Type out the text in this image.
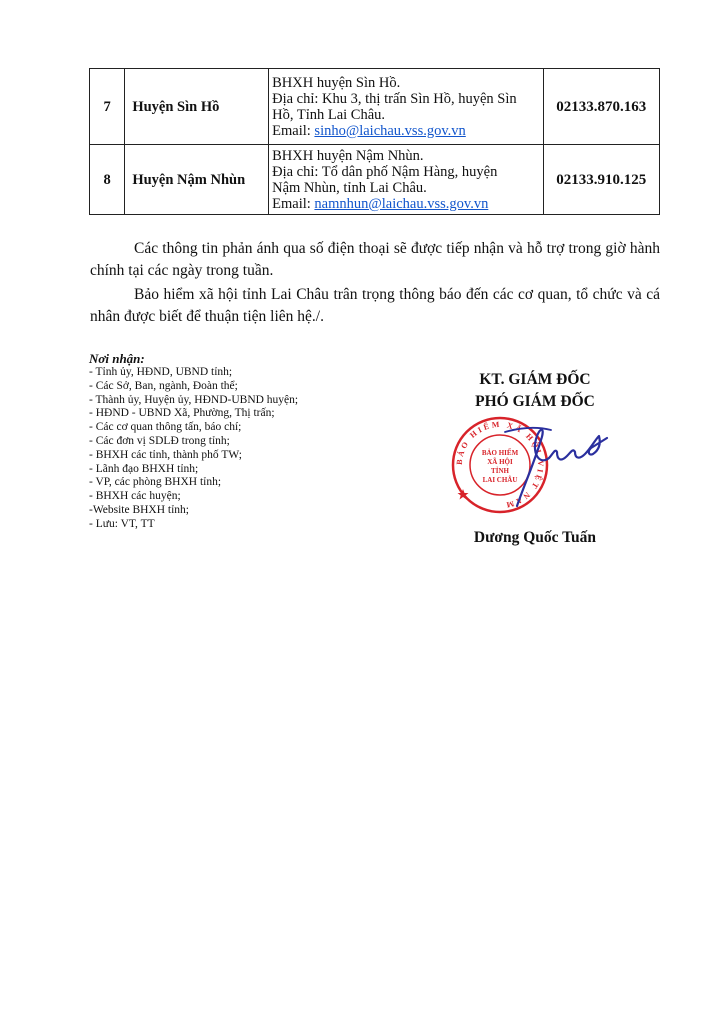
7	Huyện Sìn Hồ	BHXH huyện Sìn Hồ.
Địa chỉ: Khu 3, thị trấn Sìn Hồ, huyện Sìn
Hồ, Tỉnh Lai Châu.
Email: sinho@laichau.vss.gov.vn	02133.870.163
8	Huyện Nậm Nhùn	BHXH huyện Nậm Nhùn.
Địa chỉ: Tổ dân phố Nậm Hàng, huyện
Nậm Nhùn, tỉnh Lai Châu.
Email: namnhun@laichau.vss.gov.vn	02133.910.125
Các thông tin phản ánh qua số điện thoại sẽ được tiếp nhận và hỗ trợ trong giờ hành chính tại các ngày trong tuần.
Bảo hiểm xã hội tỉnh Lai Châu trân trọng thông báo đến các cơ quan, tổ chức và cá nhân được biết để thuận tiện liên hệ./.
Nơi nhận:
- Tỉnh ủy, HĐND, UBND tỉnh;
- Các Sở, Ban, ngành, Đoàn thể;
- Thành ủy, Huyện ủy, HĐND-UBND huyện;
- HĐND - UBND Xã, Phường, Thị trấn;
- Các cơ quan thông tấn, báo chí;
- Các đơn vị SDLĐ trong tỉnh;
- BHXH các tỉnh, thành phố TW;
- Lãnh đạo BHXH tỉnh;
- VP, các phòng BHXH tỉnh;
- BHXH các huyện;
-Website BHXH tỉnh;
- Lưu: VT, TT
KT. GIÁM ĐỐC
PHÓ GIÁM ĐỐC
BẢO HIỂM XÃ HỘI VIỆT NAM
BẢO HIỂM
XÃ HỘI
TỈNH
LAI CHÂU
Dương Quốc Tuấn
